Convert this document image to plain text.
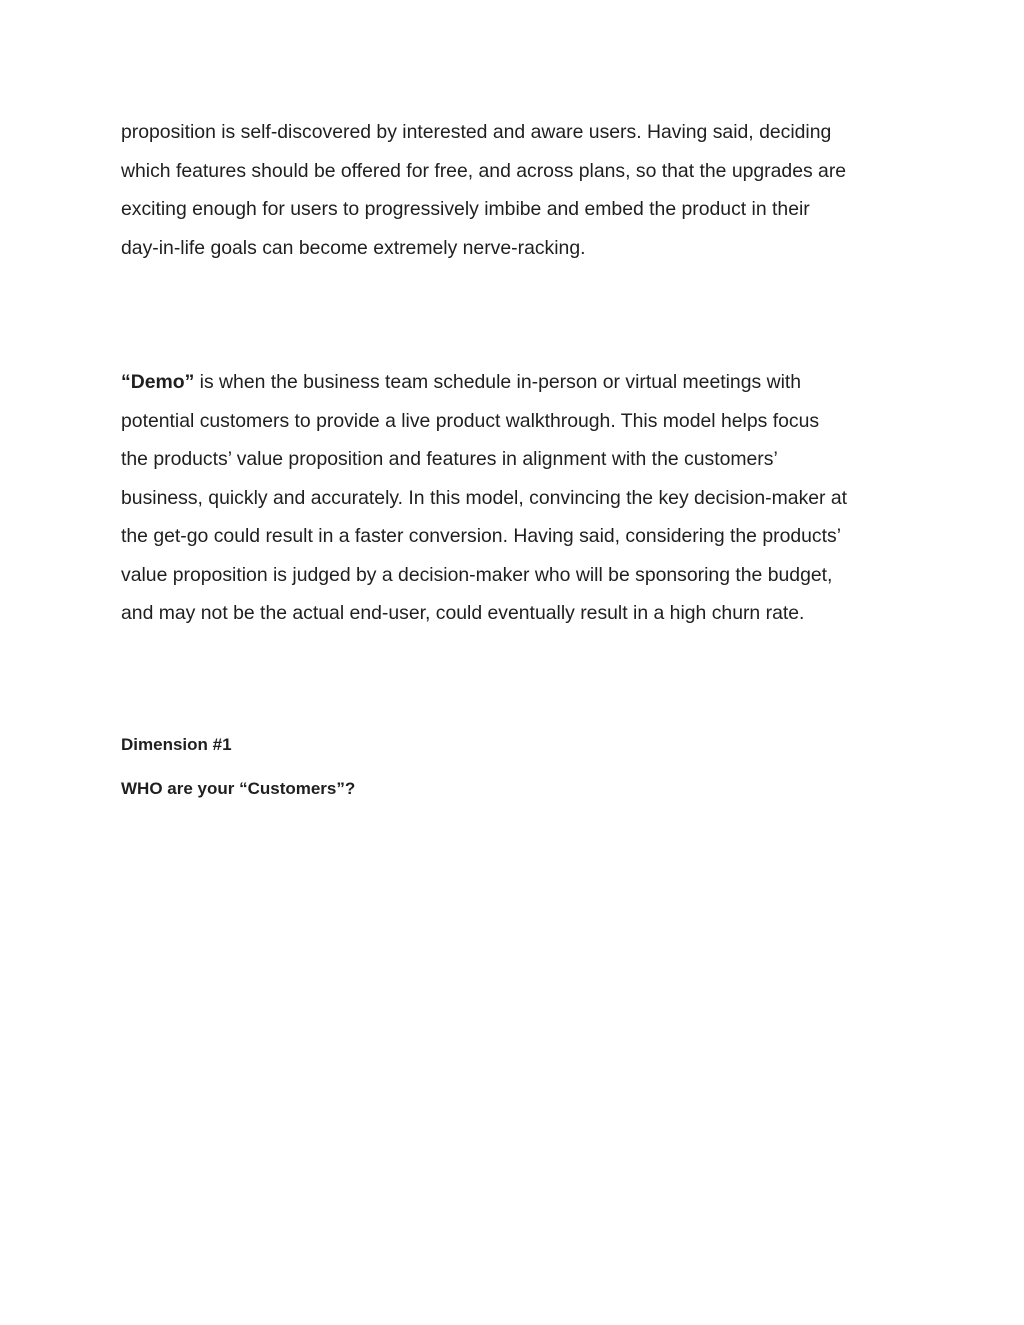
proposition is self-discovered by interested and aware users. Having said, deciding
which features should be offered for free, and across plans, so that the upgrades are
exciting enough for users to progressively imbibe and embed the product in their
day-in-life goals can become extremely nerve-racking.

“Demo” is when the business team schedule in-person or virtual meetings with
potential customers to provide a live product walkthrough. This model helps focus
the products’ value proposition and features in alignment with the customers’
business, quickly and accurately. In this model, convincing the key decision-maker at
the get-go could result in a faster conversion. Having said, considering the products’
value proposition is judged by a decision-maker who will be sponsoring the budget,
and may not be the actual end-user, could eventually result in a high churn rate.

Dimension #1
WHO are your “Customers”?
